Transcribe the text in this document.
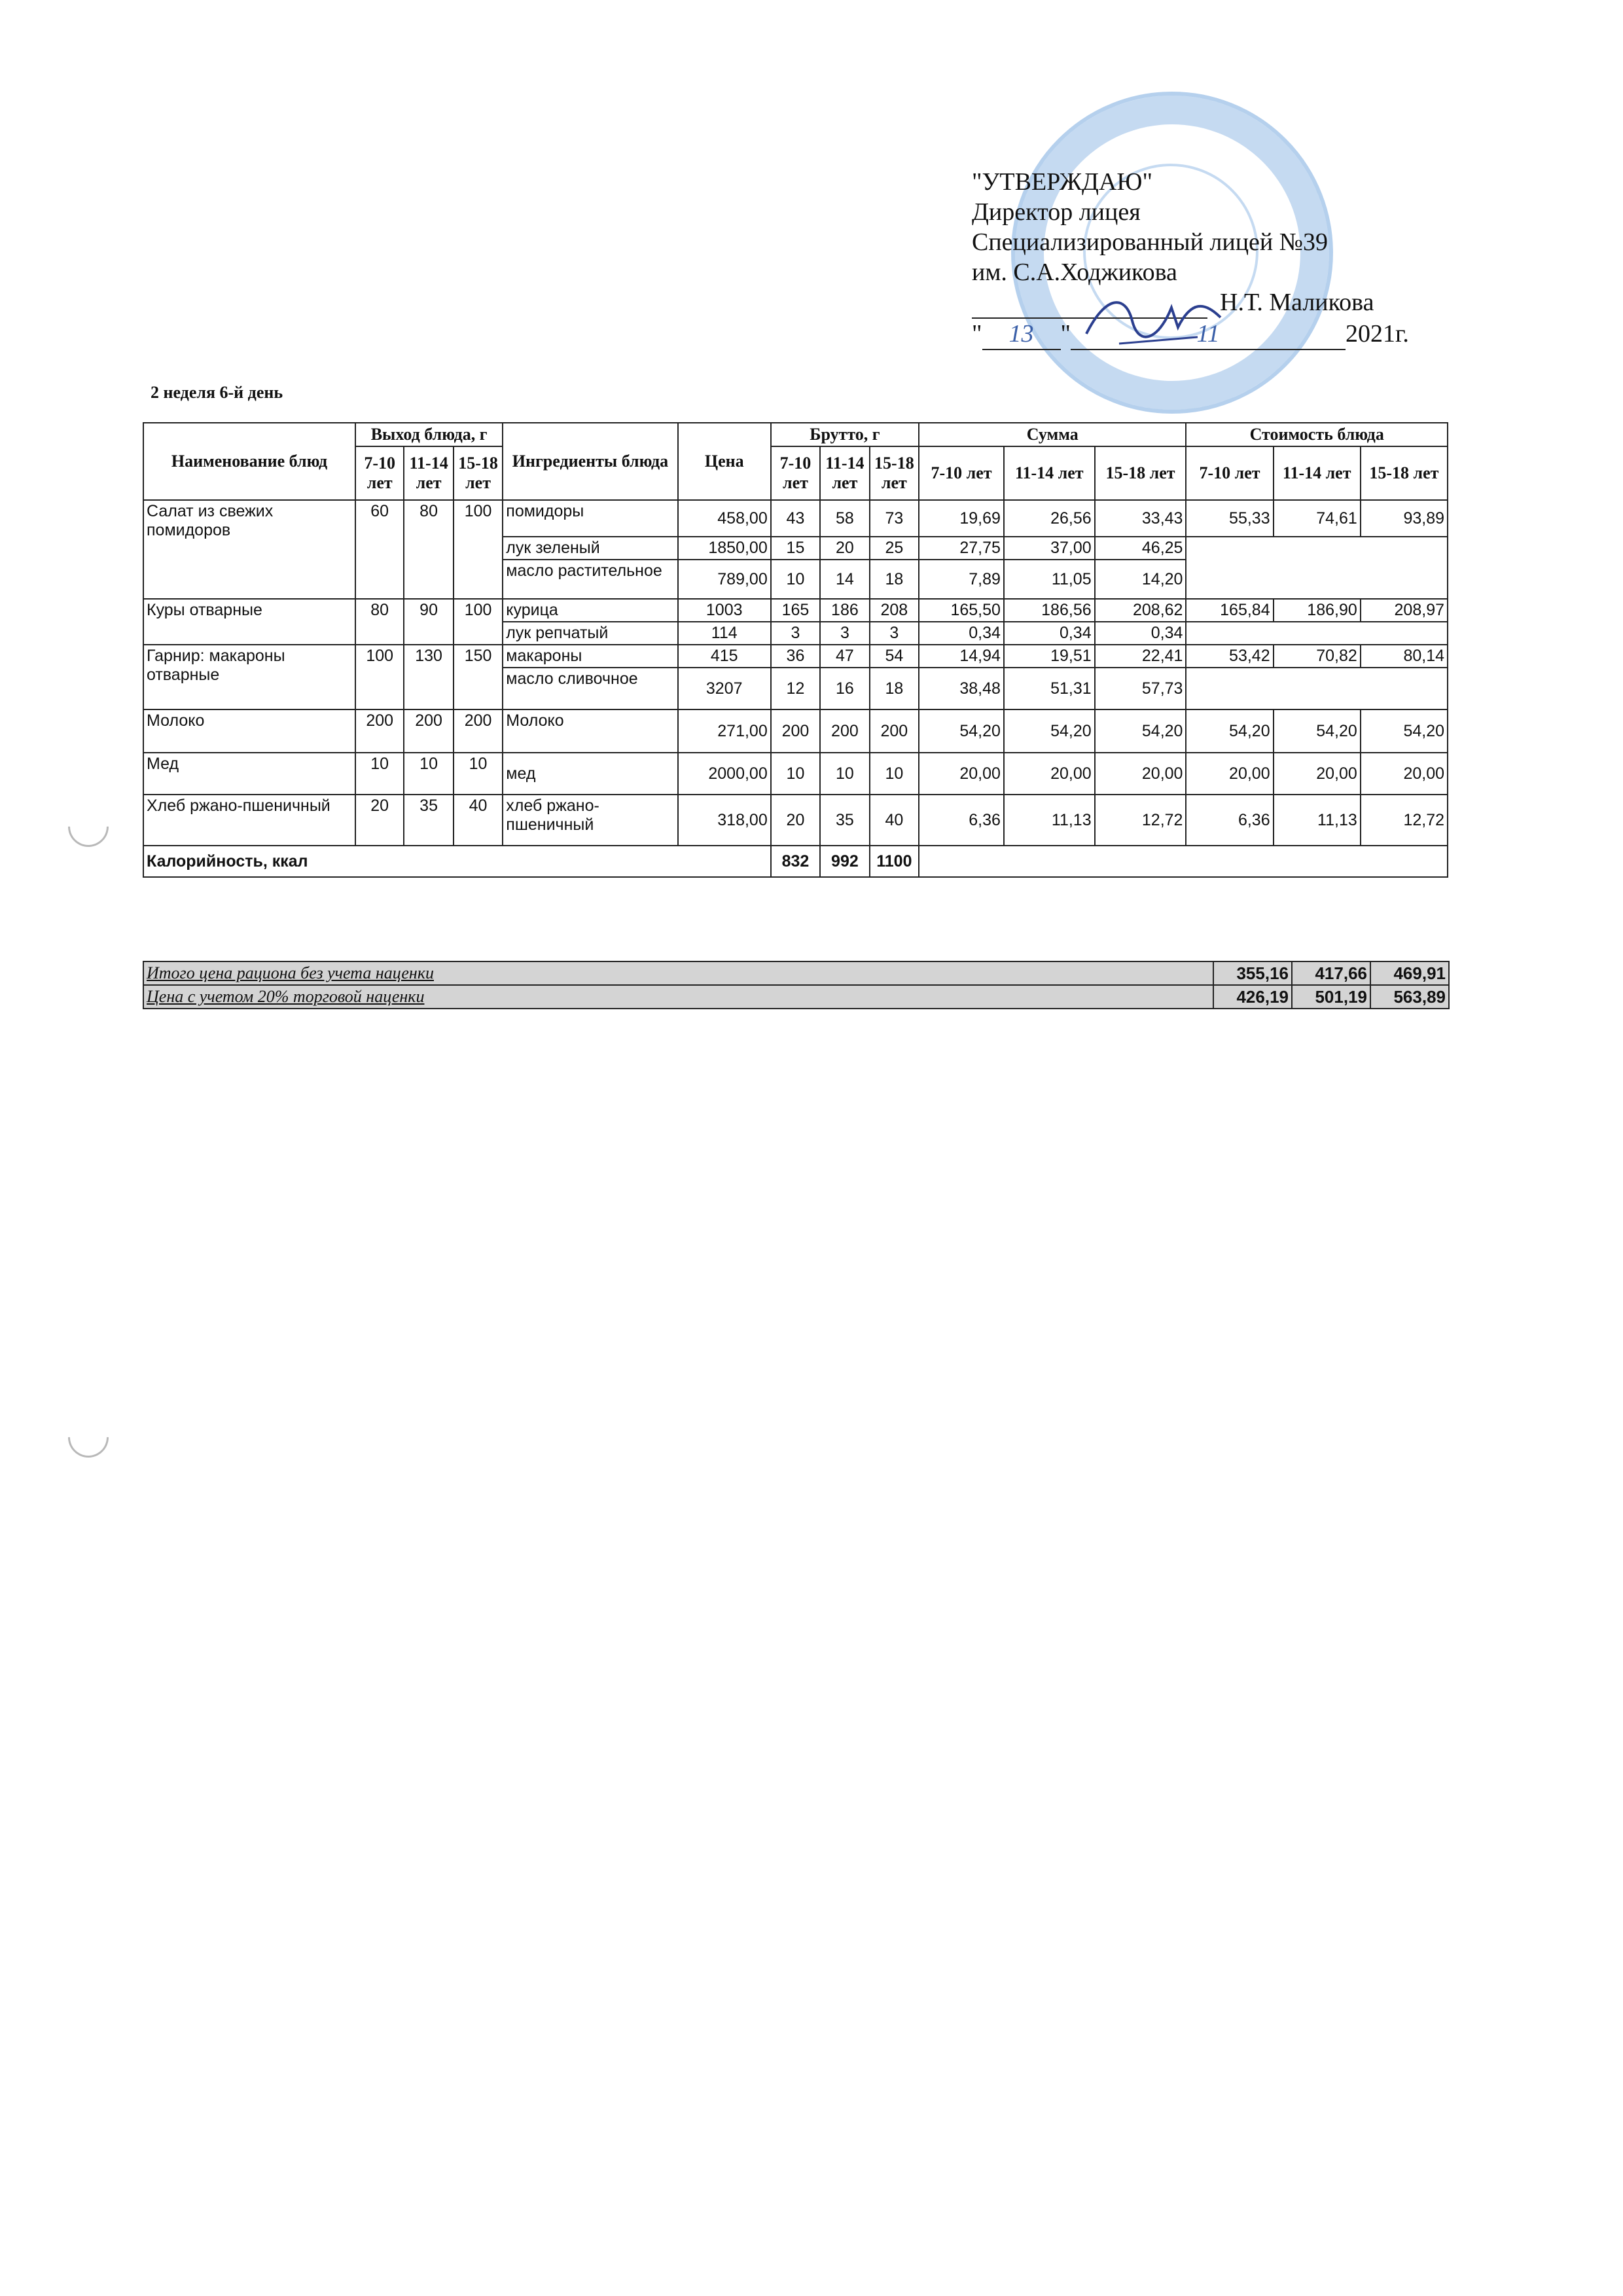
"УТВЕРЖДАЮ"
Директор лицея
Специализированный лицей №39
им. С.А.Ходжикова
Н.Т. Маликова
" 13 "	11	2021г.
2 неделя 6-й день
Наименование блюд	Выход блюда, г			Ингредиенты блюда	Цена	Брутто, г			Сумма			Стоимость блюда		
	7-10 лет	11-14 лет	15-18 лет			7-10 лет	11-14 лет	15-18 лет	7-10 лет	11-14 лет	15-18 лет	7-10 лет	11-14 лет	15-18 лет
Салат из свежих помидоров	60	80	100	помидоры	458,00	43	58	73	19,69	26,56	33,43	55,33	74,61	93,89
				лук зеленый	1850,00	15	20	25	27,75	37,00	46,25			
				масло растительное	789,00	10	14	18	7,89	11,05	14,20			
Куры отварные	80	90	100	курица	1003	165	186	208	165,50	186,56	208,62	165,84	186,90	208,97
				лук репчатый	114	3	3	3	0,34	0,34	0,34			
Гарнир: макароны отварные	100	130	150	макароны	415	36	47	54	14,94	19,51	22,41	53,42	70,82	80,14
				масло сливочное	3207	12	16	18	38,48	51,31	57,73			
Молоко	200	200	200	Молоко	271,00	200	200	200	54,20	54,20	54,20	54,20	54,20	54,20
Мед	10	10	10	мед	2000,00	10	10	10	20,00	20,00	20,00	20,00	20,00	20,00
Хлеб ржано-пшеничный	20	35	40	хлеб ржано-пшеничный	318,00	20	35	40	6,36	11,13	12,72	6,36	11,13	12,72
Калорийность, ккал						832	992	1100						
Итого цена рациона без учета наценки	355,16	417,66	469,91
Цена с учетом 20% торговой наценки	426,19	501,19	563,89
